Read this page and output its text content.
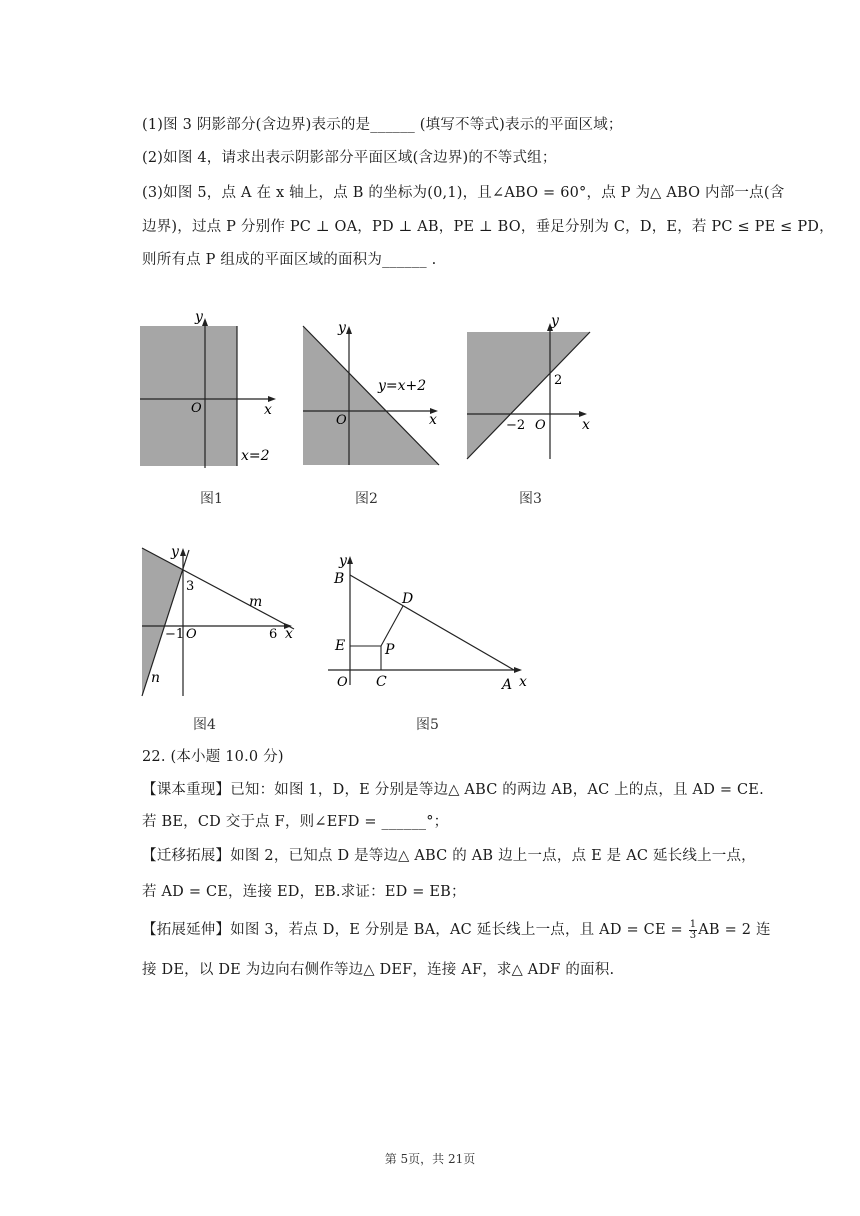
(1)图 3 阴影部分(含边界)表示的是______ (填写不等式)表示的平面区域；
(2)如图 4，请求出表示阴影部分平面区域(含边界)的不等式组；
(3)如图 5，点 A 在 x 轴上，点 B 的坐标为(0,1)，且∠ABO = 60°，点 P 为△ ABO 内部一点(含
边界)，过点 P 分别作 PC ⊥ OA，PD ⊥ AB，PE ⊥ BO，垂足分别为 C，D，E，若 PC ≤ PE ≤ PD，
则所有点 P 组成的平面区域的面积为______ .
y
x
O
x=2
图1
y
x
O
y=x+2
图2
y
x
O
2
−2
图3
y
x
O
3
6
−1
m
n
图4
y
x
O	A
B
C
D
E	P
图5
22. (本小题 10.0 分)
【课本重现】已知：如图 1，D，E 分别是等边△ ABC 的两边 AB，AC 上的点，且 AD = CE.
若 BE，CD 交于点 F，则∠EFD = ______°；
【迁移拓展】如图 2，已知点 D 是等边△ ABC 的 AB 边上一点，点 E 是 AC 延长线上一点，
若 AD = CE，连接 ED，EB.求证：ED = EB；
【拓展延伸】如图 3，若点 D，E 分别是 BA，AC 延长线上一点，且 AD = CE = $\frac{1}{3}$ AB = 2 连
接 DE，以 DE 为边向右侧作等边△ DEF，连接 AF，求△ ADF 的面积.
第 5页，共 21页
